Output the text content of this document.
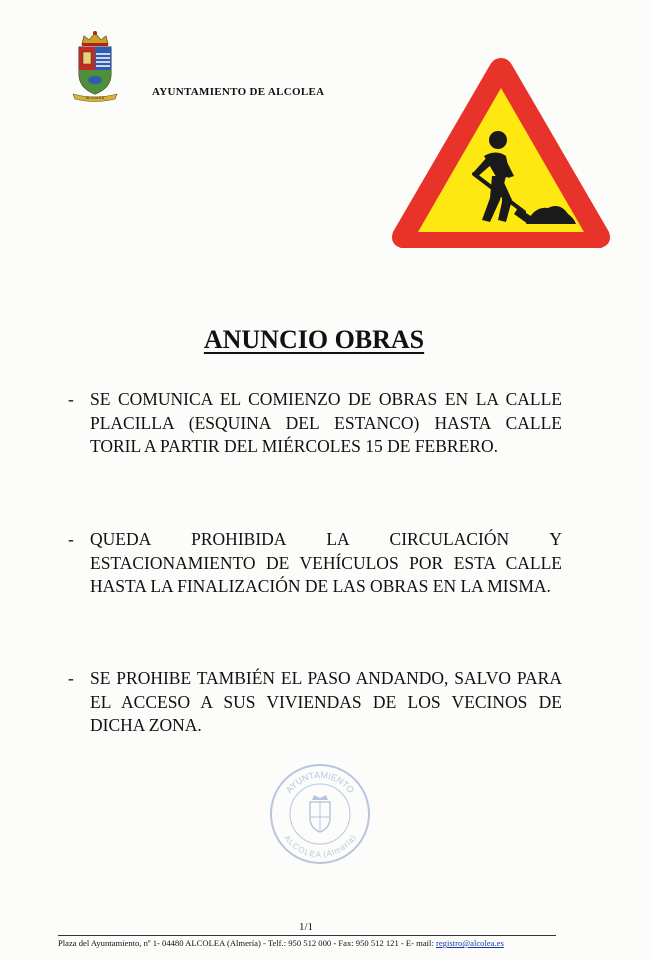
ALCOLEA	AYUNTAMIENTO DE ALCOLEA
ANUNCIO OBRAS
- SE COMUNICA EL COMIENZO DE OBRAS EN LA CALLE PLACILLA (ESQUINA DEL ESTANCO) HASTA CALLE TORIL A PARTIR DEL MIÉRCOLES 15 DE FEBRERO.
- QUEDA PROHIBIDA LA CIRCULACIÓN Y ESTACIONAMIENTO DE VEHÍCULOS POR ESTA CALLE HASTA LA FINALIZACIÓN DE LAS OBRAS EN LA MISMA.
- SE PROHIBE TAMBIÉN EL PASO ANDANDO, SALVO PARA EL ACCESO A SUS VIVIENDAS DE LOS VECINOS DE DICHA ZONA.
AYUNTAMIENTO
ALCOLEA (Almería)
1/1
Plaza del Ayuntamiento, nº 1- 04480 ALCOLEA (Almería) - Telf.: 950 512 000 - Fax: 950 512 121 - E- mail: registro@alcolea.es
